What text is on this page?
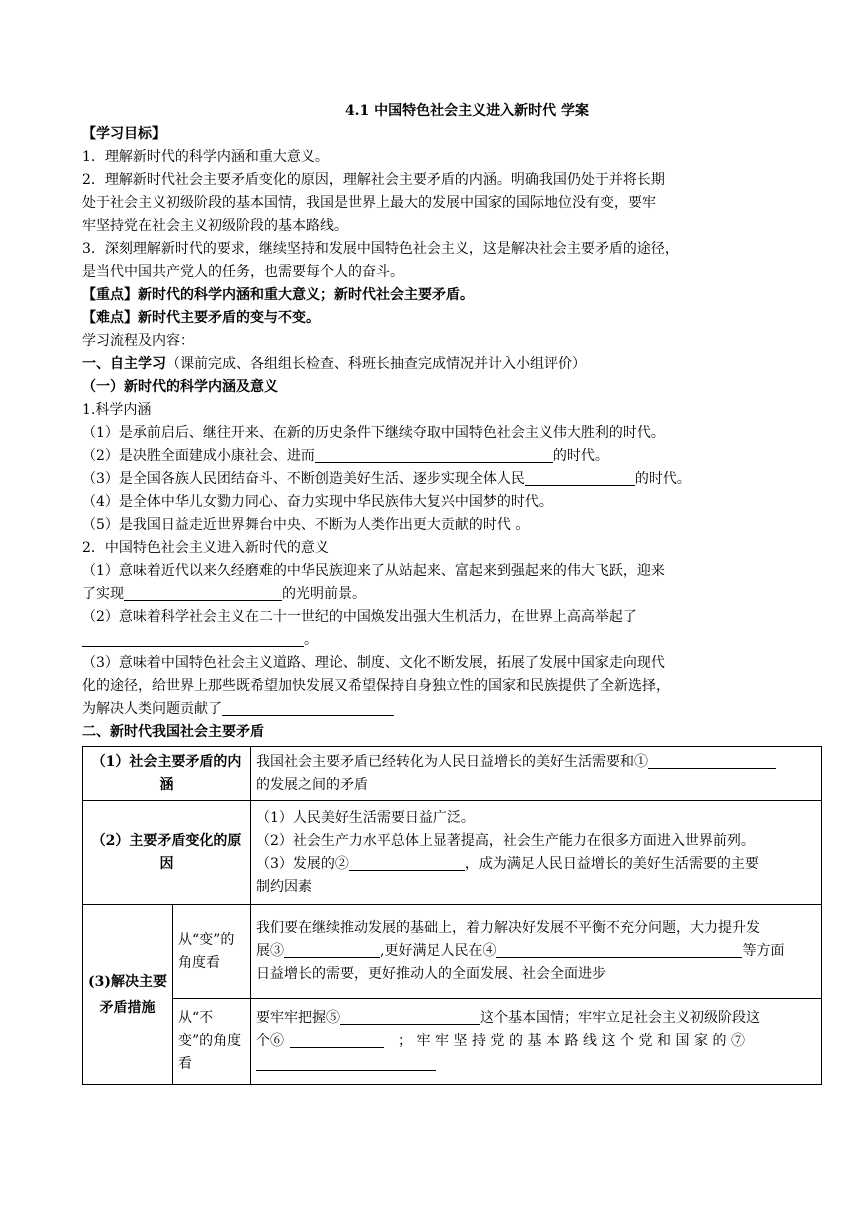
4.1 中国特色社会主义进入新时代 学案
【学习目标】
1．理解新时代的科学内涵和重大意义。
2．理解新时代社会主要矛盾变化的原因，理解社会主要矛盾的内涵。明确我国仍处于并将长期
处于社会主义初级阶段的基本国情，我国是世界上最大的发展中国家的国际地位没有变，要牢
牢坚持党在社会主义初级阶段的基本路线。
3．深刻理解新时代的要求，继续坚持和发展中国特色社会主义，这是解决社会主要矛盾的途径，
是当代中国共产党人的任务，也需要每个人的奋斗。
【重点】新时代的科学内涵和重大意义；新时代社会主要矛盾。
【难点】新时代主要矛盾的变与不变。
学习流程及内容：
一、自主学习（课前完成、各组组长检查、科班长抽查完成情况并计入小组评价）
（一）新时代的科学内涵及意义
1.科学内涵
（1）是承前启后、继往开来、在新的历史条件下继续夺取中国特色社会主义伟大胜利的时代。
（2）是决胜全面建成小康社会、进而	的时代。
（3）是全国各族人民团结奋斗、不断创造美好生活、逐步实现全体人民	的时代。
（4）是全体中华儿女勠力同心、奋力实现中华民族伟大复兴中国梦的时代。
（5）是我国日益走近世界舞台中央、不断为人类作出更大贡献的时代 。
2．中国特色社会主义进入新时代的意义
（1）意味着近代以来久经磨难的中华民族迎来了从站起来、富起来到强起来的伟大飞跃，迎来
了实现	的光明前景。
（2）意味着科学社会主义在二十一世纪的中国焕发出强大生机活力，在世界上高高举起了
。
（3）意味着中国特色社会主义道路、理论、制度、文化不断发展，拓展了发展中国家走向现代
化的途径，给世界上那些既希望加快发展又希望保持自身独立性的国家和民族提供了全新选择，
为解决人类问题贡献了
二、新时代我国社会主要矛盾
（1）社会主要矛盾的内涵		我国社会主要矛盾已经转化为人民日益增长的美好生活需要和①
的发展之间的矛盾
（2）主要矛盾变化的原因		（1）人民美好生活需要日益广泛。
（2）社会生产力水平总体上显著提高，社会生产能力在很多方面进入世界前列。
（3）发展的② ，成为满足人民日益增长的美好生活需要的主要
制约因素

(3)解决主要矛盾措施	从“变”的角度看	我们要在继续推动发展的基础上，着力解决好发展不平衡不充分问题，大力提升发
展③ ,更好满足人民在④ 等方面
日益增长的需要，更好推动人的全面发展、社会全面进步

	从“不变”的角度看	要牢牢把握⑤ 这个基本国情；牢牢立足社会主义初级阶段这
个⑥ ；牢牢坚持党的基本路线这个党和国家的⑦
